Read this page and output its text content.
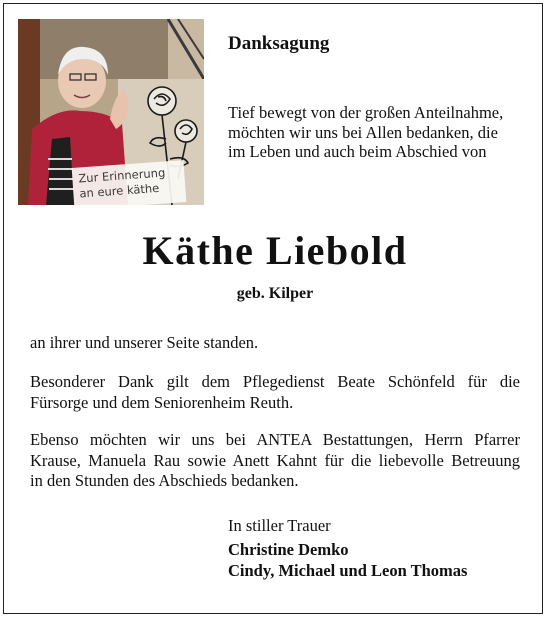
Zur Erinnerung
an eure käthe
Danksagung
Tief bewegt von der großen Anteilnahme,
möchten wir uns bei Allen bedanken, die
im Leben und auch beim Abschied von
Käthe Liebold
geb. Kilper
an ihrer und unserer Seite standen.
Besonderer Dank gilt dem Pflegedienst Beate Schönfeld für die
Fürsorge und dem Seniorenheim Reuth.
Ebenso möchten wir uns bei ANTEA Bestattungen, Herrn Pfarrer
Krause, Manuela Rau sowie Anett Kahnt für die liebevolle Betreuung
in den Stunden des Abschieds bedanken.
In stiller Trauer
Christine Demko
Cindy, Michael und Leon Thomas
